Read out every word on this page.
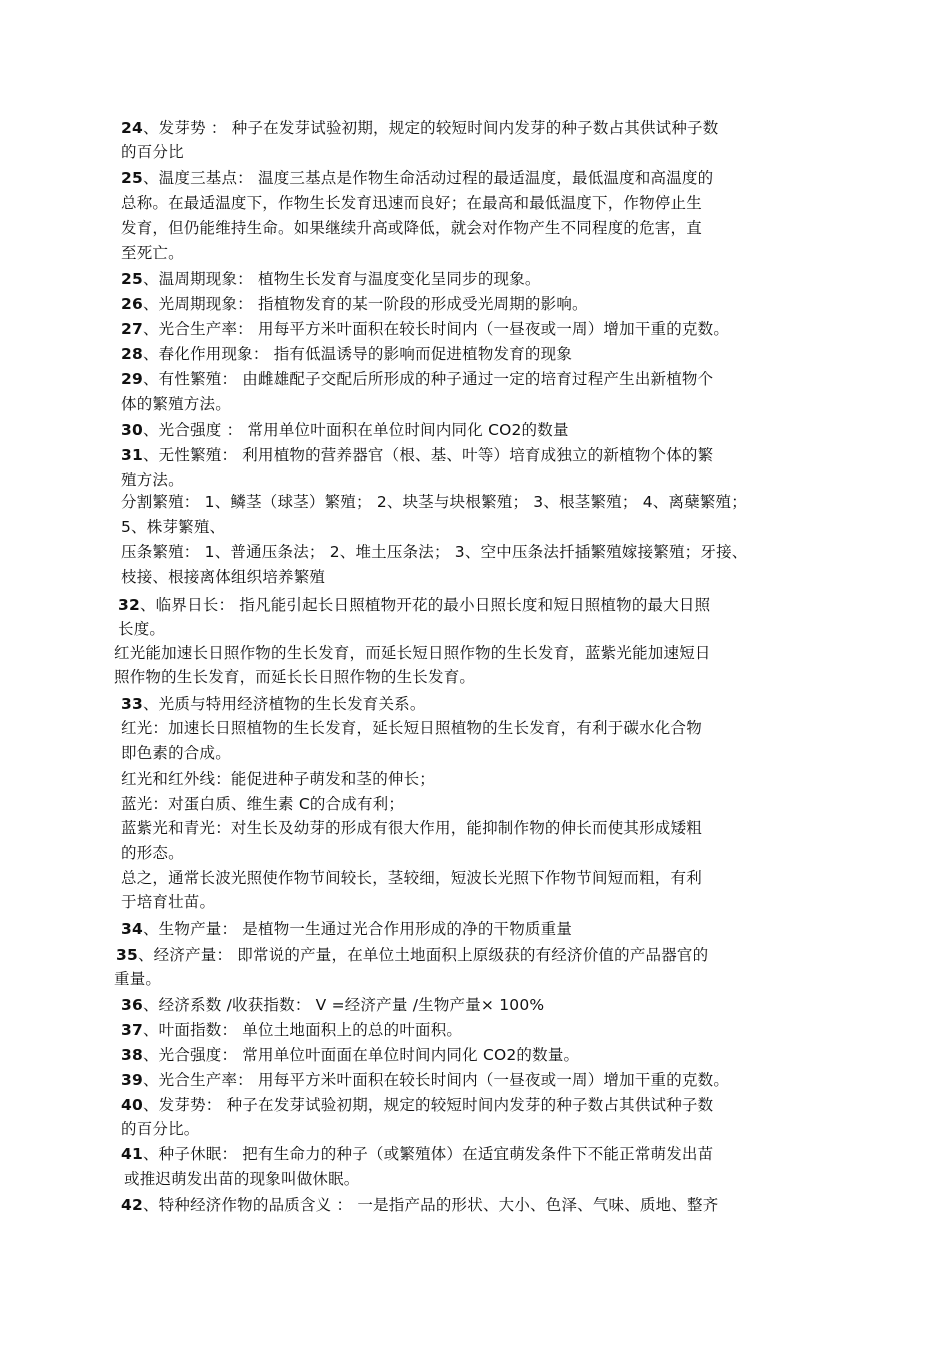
24、发芽势 ： 种子在发芽试验初期，规定的较短时间内发芽的种子数占其供试种子数
的百分比
25、温度三基点： 温度三基点是作物生命活动过程的最适温度，最低温度和高温度的
总称。在最适温度下，作物生长发育迅速而良好；在最高和最低温度下，作物停止生
发育，但仍能维持生命。如果继续升高或降低，就会对作物产生不同程度的危害，直
至死亡。
25、温周期现象： 植物生长发育与温度变化呈同步的现象。
26、光周期现象： 指植物发育的某一阶段的形成受光周期的影响。
27、光合生产率： 用每平方米叶面积在较长时间内（一昼夜或一周）增加干重的克数。
28、春化作用现象： 指有低温诱导的影响而促进植物发育的现象
29、有性繁殖： 由雌雄配子交配后所形成的种子通过一定的培育过程产生出新植物个
体的繁殖方法。
30、光合强度 ： 常用单位叶面积在单位时间内同化 CO2的数量
31、无性繁殖： 利用植物的营养器官（根、基、叶等）培育成独立的新植物个体的繁
殖方法。
分割繁殖： 1、鳞茎（球茎）繁殖； 2、块茎与块根繁殖； 3、根茎繁殖； 4、离蘖繁殖；
5、株芽繁殖、
压条繁殖： 1、普通压条法； 2、堆土压条法； 3、空中压条法扦插繁殖嫁接繁殖；牙接、
枝接、根接离体组织培养繁殖
32、临界日长： 指凡能引起长日照植物开花的最小日照长度和短日照植物的最大日照
长度。
红光能加速长日照作物的生长发育，而延长短日照作物的生长发育，蓝紫光能加速短日
照作物的生长发育，而延长长日照作物的生长发育。
33、光质与特用经济植物的生长发育关系。
红光：加速长日照植物的生长发育，延长短日照植物的生长发育，有利于碳水化合物
即色素的合成。
红光和红外线：能促进种子萌发和茎的伸长；
蓝光：对蛋白质、维生素 C的合成有利；
蓝紫光和青光：对生长及幼芽的形成有很大作用，能抑制作物的伸长而使其形成矮粗
的形态。
总之，通常长波光照使作物节间较长，茎较细，短波长光照下作物节间短而粗，有利
于培育壮苗。
34、生物产量： 是植物一生通过光合作用形成的净的干物质重量
35、经济产量： 即常说的产量，在单位土地面积上原级获的有经济价值的产品器官的
重量。
36、经济系数 /收获指数： V =经济产量 /生物产量× 100%
37、叶面指数： 单位土地面积上的总的叶面积。
38、光合强度： 常用单位叶面面在单位时间内同化 CO2的数量。
39、光合生产率： 用每平方米叶面积在较长时间内（一昼夜或一周）增加干重的克数。
40、发芽势： 种子在发芽试验初期，规定的较短时间内发芽的种子数占其供试种子数
的百分比。
41、种子休眠： 把有生命力的种子（或繁殖体）在适宜萌发条件下不能正常萌发出苗
或推迟萌发出苗的现象叫做休眠。
42、特种经济作物的品质含义 ： 一是指产品的形状、大小、色泽、气味、质地、整齐
